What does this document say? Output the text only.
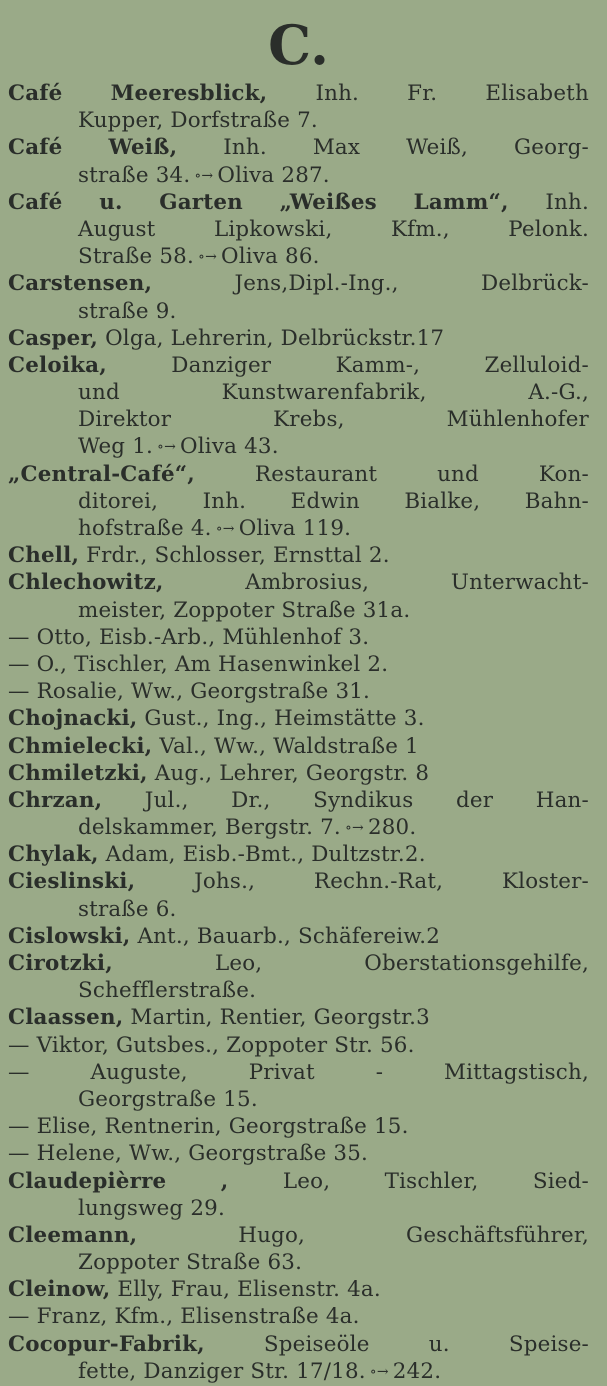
C.
Café Meeresblick, Inh. Fr. Elisabeth
Kupper, Dorfstraße 7.
Café Weiß, Inh. Max Weiß, Georg-
straße 34. ∘→ Oliva 287.
Café u. Garten „Weißes Lamm“, Inh.
August	Lipkowski,	Kfm.,	Pelonk.
Straße 58. ∘→ Oliva 86.
Carstensen,	Jens,Dipl.-Ing.,	Delbrück-
straße 9.
Casper, Olga, Lehrerin, Delbrückstr.17
Celoika,	Danziger	Kamm-,	Zelluloid-
und	Kunstwarenfabrik,	A.-G.,
Direktor	Krebs,	Mühlenhofer
Weg 1. ∘→ Oliva 43.
„Central-Café“,	Restaurant	und	Kon-
ditorei, Inh. Edwin Bialke, Bahn-
hofstraße 4. ∘→ Oliva 119.
Chell, Frdr., Schlosser, Ernsttal 2.
Chlechowitz,	Ambrosius,	Unterwacht-
meister, Zoppoter Straße 31a.
— Otto, Eisb.-Arb., Mühlenhof 3.
— O., Tischler, Am Hasenwinkel 2.
— Rosalie, Ww., Georgstraße 31.
Chojnacki, Gust., Ing., Heimstätte 3.
Chmielecki, Val., Ww., Waldstraße 1
Chmiletzki, Aug., Lehrer, Georgstr. 8
Chrzan, Jul., Dr., Syndikus der Han-
delskammer, Bergstr. 7. ∘→ 280.
Chylak, Adam, Eisb.-Bmt., Dultzstr.2.
Cieslinski,	Johs.,	Rechn.-Rat,	Kloster-
straße 6.
Cislowski, Ant., Bauarb., Schäfereiw.2
Cirotzki,	Leo,	Oberstationsgehilfe,
Schefflerstraße.
Claassen, Martin, Rentier, Georgstr.3
— Viktor, Gutsbes., Zoppoter Str. 56.
—	Auguste,	Privat	-	Mittagstisch,
Georgstraße 15.
— Elise, Rentnerin, Georgstraße 15.
— Helene, Ww., Georgstraße 35.
Claudepièrre	,	Leo,	Tischler,	Sied-
lungsweg 29.
Cleemann,	Hugo,	Geschäftsführer,
Zoppoter Straße 63.
Cleinow, Elly, Frau, Elisenstr. 4a.
— Franz, Kfm., Elisenstraße 4a.
Cocopur-Fabrik,	Speiseöle	u.	Speise-
fette, Danziger Str. 17/18. ∘→ 242.
